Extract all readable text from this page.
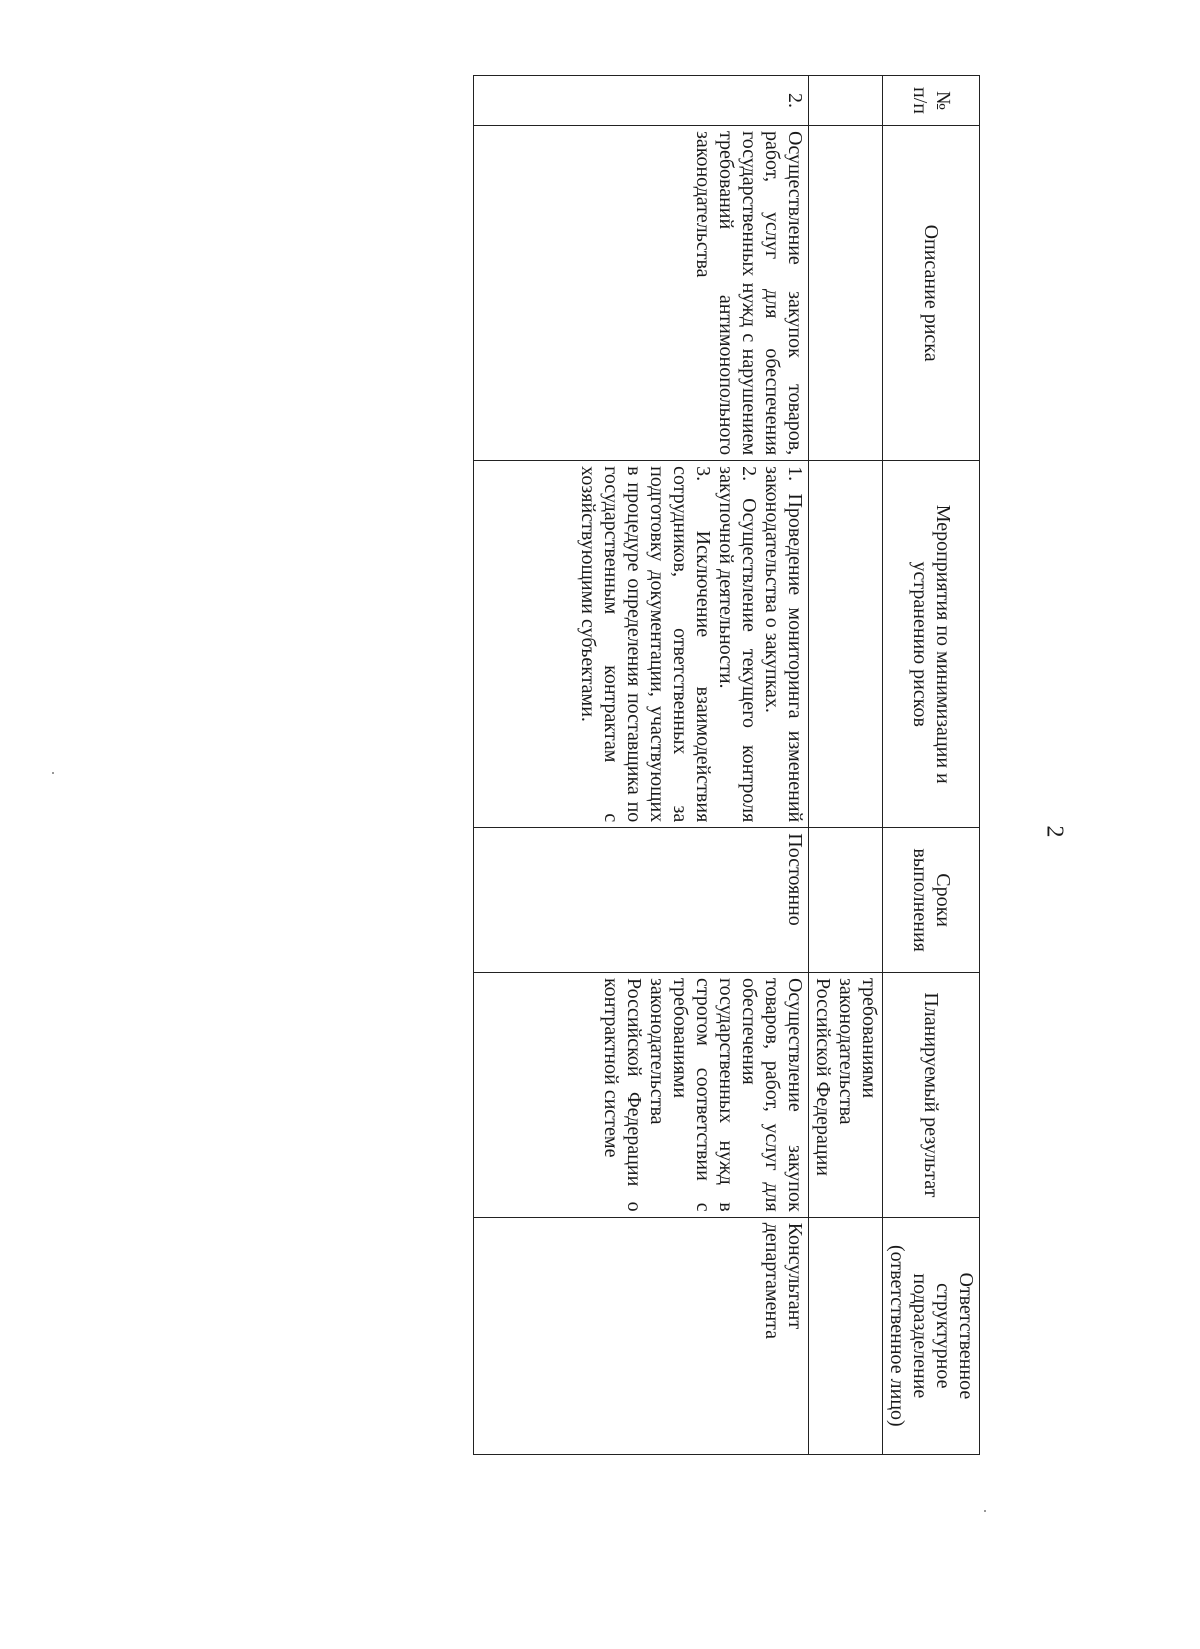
2
№ п/п	Описание риска	Мероприятия по минимизации и устранению рисков	Сроки выполнения	Планируемый результат	Ответственное структурное подразделение (ответственное лицо)
				требованиями законодательства Российской Федерации	
2.	Осуществление закупок товаров, работ, услуг для обеспечения государственных нужд с нарушением требований антимонопольного законодательства	1. Проведение мониторинга изменений законодательства о закупках.

2. Осуществление текущего контроля закупочной деятельности.

3. Исключение взаимодействия сотрудников, ответственных за подготовку документации, участвующих в процедуре определения поставщика по государственным контрактам с хозяйствующими субъектами.	Постоянно	Осуществление закупок товаров, работ, услуг для обеспечения государственных нужд в строгом соответствии с требованиями законодательства Российской Федерации о контрактной системе	Консультант департамента
